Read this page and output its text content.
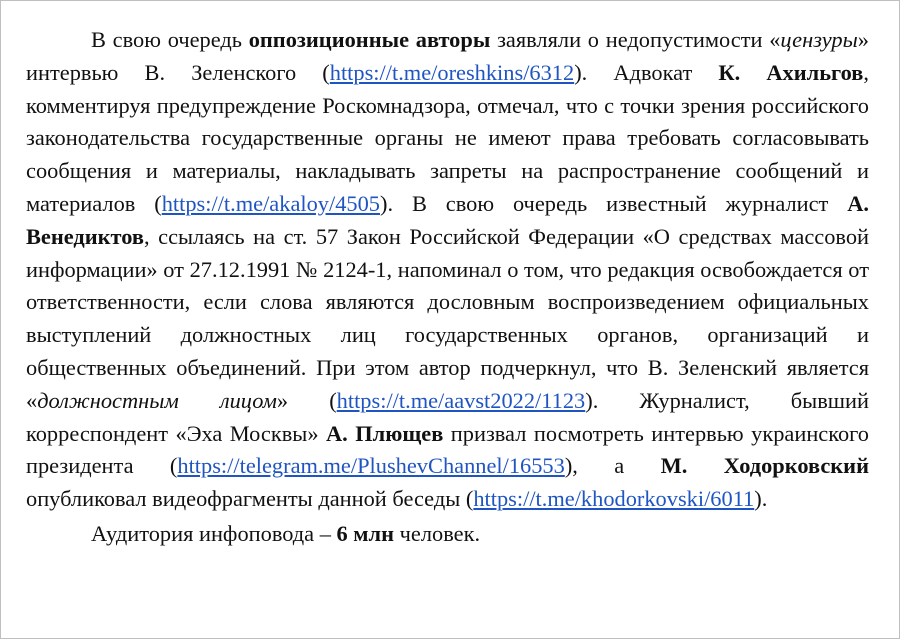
В свою очередь оппозиционные авторы заявляли о недопустимости «цензуры» интервью В. Зеленского (https://t.me/oreshkins/6312). Адвокат К. Ахильгов, комментируя предупреждение Роскомнадзора, отмечал, что с точки зрения российского законодательства государственные органы не имеют права требовать согласовывать сообщения и материалы, накладывать запреты на распространение сообщений и материалов (https://t.me/akaloy/4505). В свою очередь известный журналист А. Венедиктов, ссылаясь на ст. 57 Закон Российской Федерации «О средствах массовой информации» от 27.12.1991 № 2124-1, напоминал о том, что редакция освобождается от ответственности, если слова являются дословным воспроизведением официальных выступлений должностных лиц государственных органов, организаций и общественных объединений. При этом автор подчеркнул, что В. Зеленский является «должностным лицом» (https://t.me/aavst2022/1123). Журналист, бывший корреспондент «Эха Москвы» А. Плющев призвал посмотреть интервью украинского президента (https://telegram.me/PlushevChannel/16553), а М. Ходорковский опубликовал видеофрагменты данной беседы (https://t.me/khodorkovski/6011).

Аудитория инфоповода – 6 млн человек.
